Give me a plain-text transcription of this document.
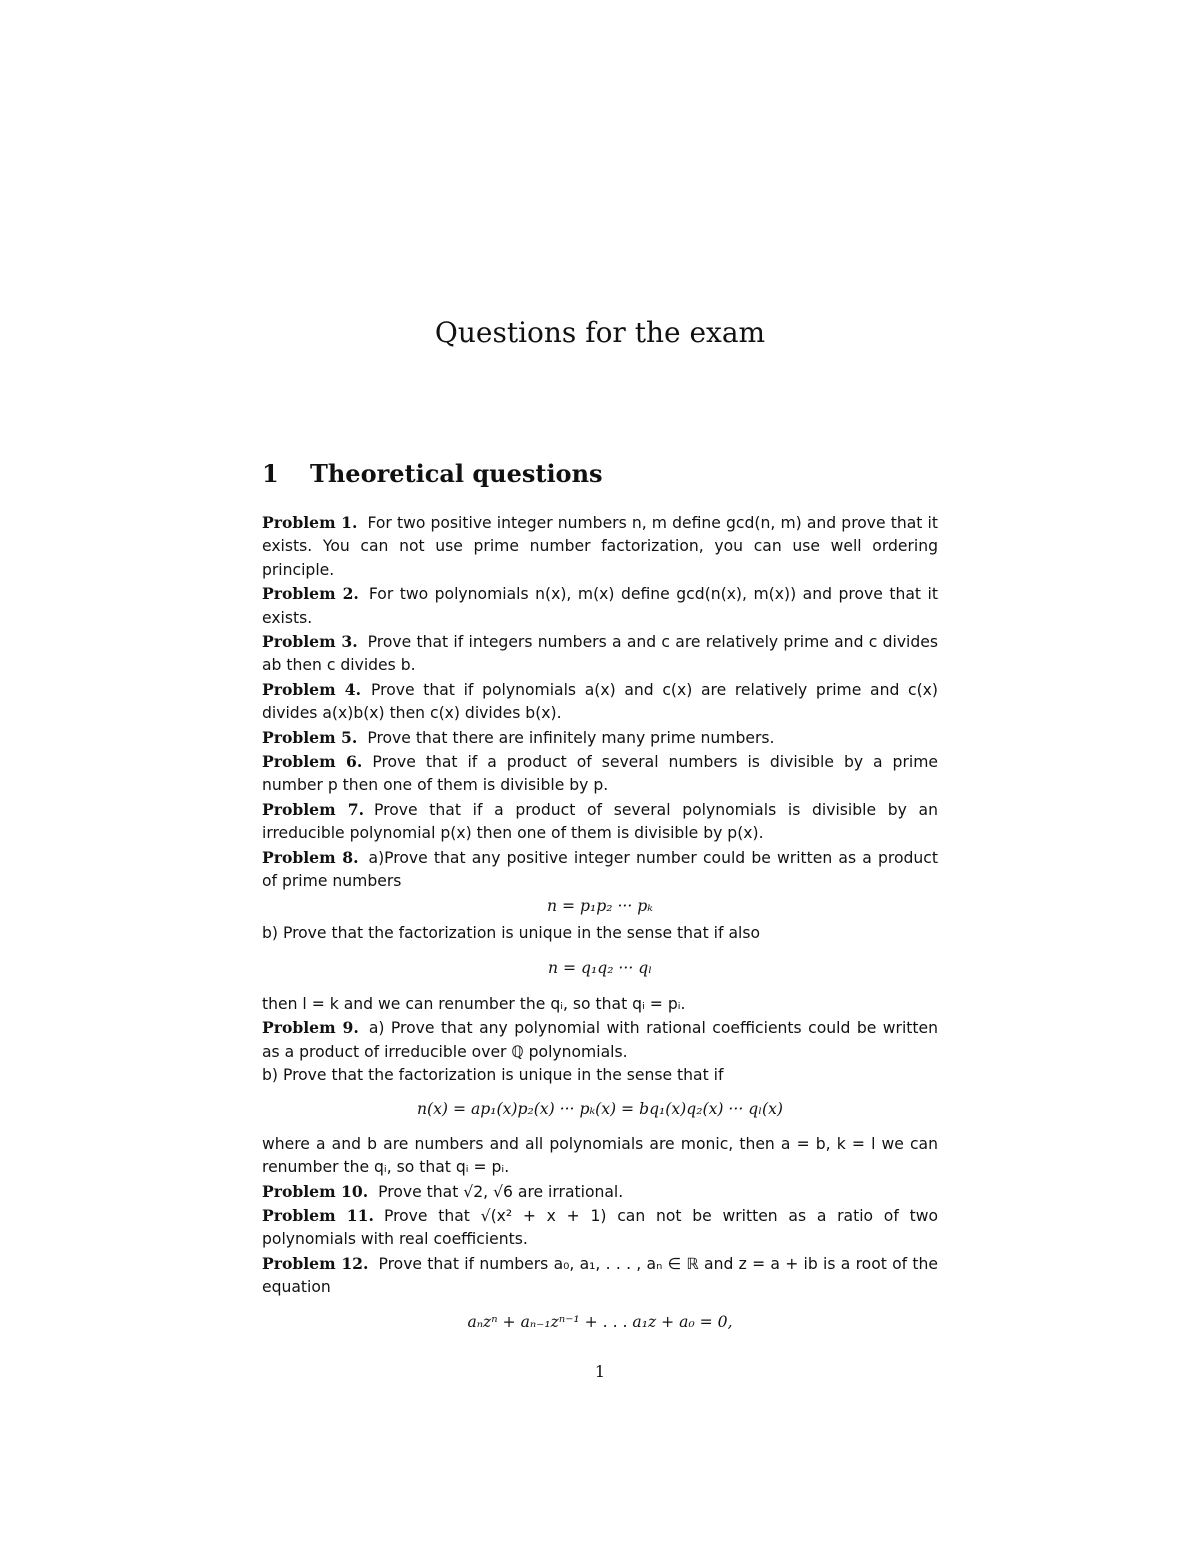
Questions for the exam
1 Theoretical questions

Problem 1. For two positive integer numbers n, m define gcd(n, m) and prove that it exists. You can not use prime number factorization, you can use well ordering principle.

Problem 2. For two polynomials n(x), m(x) define gcd(n(x), m(x)) and prove that it exists.

Problem 3. Prove that if integers numbers a and c are relatively prime and c divides ab then c divides b.

Problem 4. Prove that if polynomials a(x) and c(x) are relatively prime and c(x) divides a(x)b(x) then c(x) divides b(x).

Problem 5. Prove that there are infinitely many prime numbers.

Problem 6. Prove that if a product of several numbers is divisible by a prime number p then one of them is divisible by p.

Problem 7. Prove that if a product of several polynomials is divisible by an irreducible polynomial p(x) then one of them is divisible by p(x).

Problem 8. a)Prove that any positive integer number could be written as a product of prime numbers

n = p₁p₂ ··· pₖ

b) Prove that the factorization is unique in the sense that if also

n = q₁q₂ ··· qₗ

then l = k and we can renumber the qᵢ, so that qᵢ = pᵢ.

Problem 9. a) Prove that any polynomial with rational coefficients could be written as a product of irreducible over ℚ polynomials.

b) Prove that the factorization is unique in the sense that if

n(x) = ap₁(x)p₂(x) ··· pₖ(x) = bq₁(x)q₂(x) ··· qₗ(x)

where a and b are numbers and all polynomials are monic, then a = b, k = l we can renumber the qᵢ, so that qᵢ = pᵢ.

Problem 10. Prove that √2, √6 are irrational.

Problem 11. Prove that √(x² + x + 1) can not be written as a ratio of two polynomials with real coefficients.

Problem 12. Prove that if numbers a₀, a₁, . . . , aₙ ∈ ℝ and z = a + ib is a root of the equation

aₙzⁿ + aₙ₋₁zⁿ⁻¹ + . . . a₁z + a₀ = 0,

1
